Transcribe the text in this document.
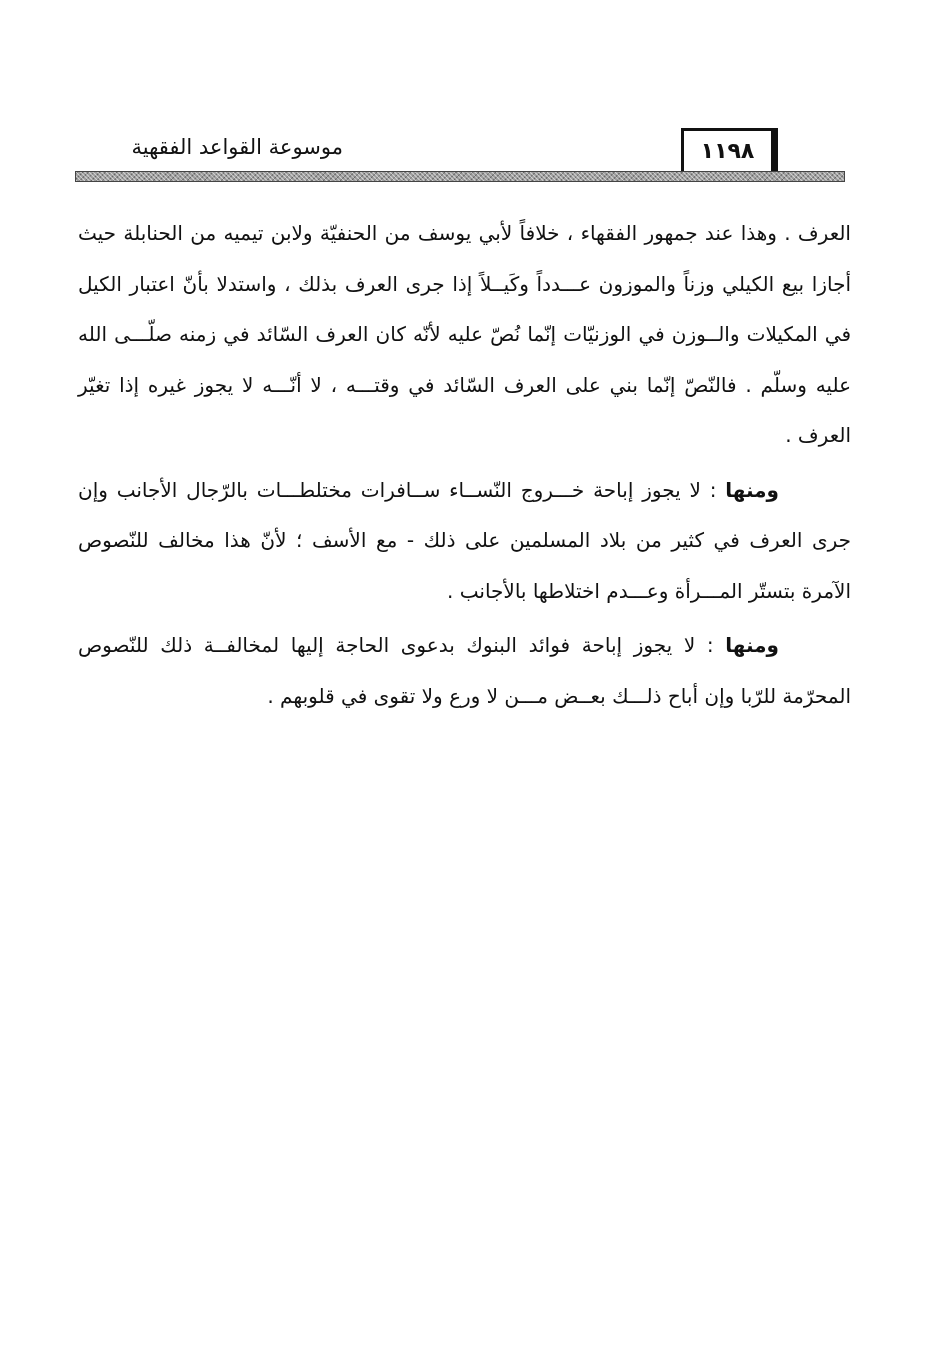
موسوعة القواعد الفقهية	١١٩٨

العرف . وهذا عند جمهور الفقهاء ، خلافاً لأبي يوسف من الحنفيّة ولابن تيميه من الحنابلة حيث أجازا بيع الكيلي وزناً والموزون عـــدداً وكَيــلاً إذا جرى العرف بذلك ، واستدلا بأنّ اعتبار الكيل في المكيلات والــوزن في الوزنيّات إنّما نُصّ عليه لأنّه كان العرف السّائد في زمنه صلّـــى الله عليه وسلّم . فالنّصّ إنّما بني على العرف السّائد في وقتـــه ، لا أنّـــه لا يجوز غيره إذا تغيّر العرف .

ومنها : لا يجوز إباحة خـــروج النّســاء ســافرات مختلطـــات بالرّجال الأجانب وإن جرى العرف في كثير من بلاد المسلمين على ذلك - مع الأسف ؛ لأنّ هذا مخالف للنّصوص الآمرة بتستّر المـــرأة وعـــدم اختلاطها بالأجانب .

ومنها : لا يجوز إباحة فوائد البنوك بدعوى الحاجة إليها لمخالفــة ذلك للنّصوص المحرّمة للرّبا وإن أباح ذلـــك بعــض مـــن لا ورع ولا تقوى في قلوبهم .
